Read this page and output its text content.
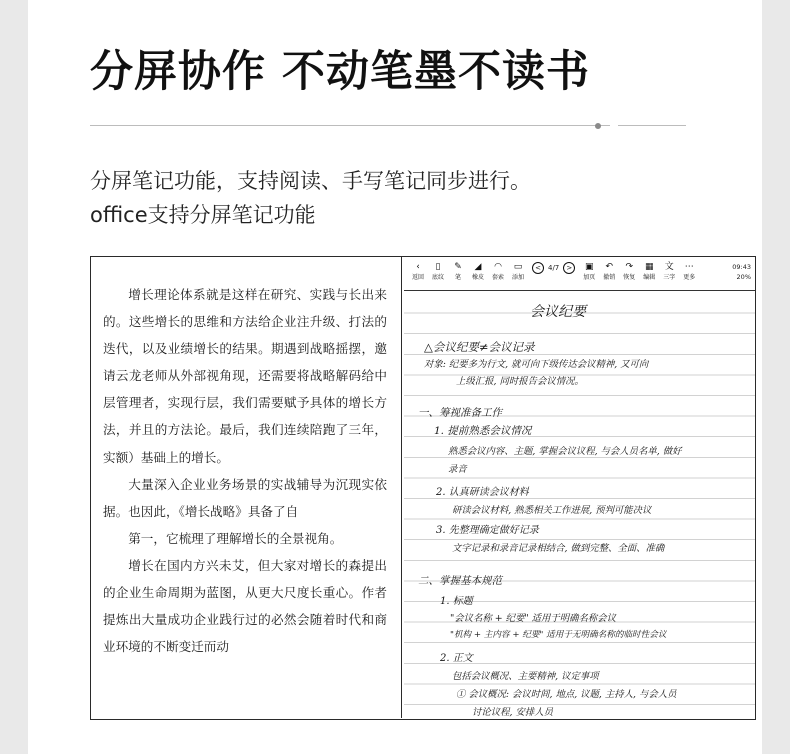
分屏协作 不动笔墨不读书
分屏笔记功能，支持阅读、手写笔记同步进行。
office支持分屏笔记功能

增长理论体系就是这样在研究、实践与长出来的。这些增长的思维和方法给企业注升级、打法的迭代，以及业绩增长的结果。期遇到战略摇摆，邀请云龙老师从外部视角现，还需要将战略解码给中层管理者，实现行层，我们需要赋予具体的增长方法，并且的方法论。最后，我们连续陪跑了三年，实额）基础上的增长。

大量深入企业业务场景的实战辅导为沉现实依据。也因此，《增长战略》具备了自

第一，它梳理了理解增长的全景视角。

增长在国内方兴未艾，但大家对增长的森提出的企业生命周期为蓝图，从更大尺度长重心。作者提炼出大量成功企业践行过的必然会随着时代和商业环境的不断变迁而动

‹
返回
▯
底纹
✎
笔
◢
橡皮
◠
套索
▭
添加
<	4/7	>	▣
加页
↶
撤销
↷
恢复
▦
编辑
文
三字
⋯
更多
09:43
20%
会议纪要
△会议纪要≠会议记录
对象: 纪要多为行文, 就可向下级传达会议精神, 又可向
上级汇报, 同时报告会议情况。
一、筹视准备工作
1. 提前熟悉会议情况
熟悉会议内容、主题, 掌握会议议程, 与会人员名单, 做好
录音
2. 认真研读会议材料
研读会议材料, 熟悉相关工作进展, 预判可能决议
3. 先整理确定做好记录
文字记录和录音记录相结合, 做到完整、全面、准确
二、掌握基本规范
1. 标题
"会议名称 + 纪要" 适用于明确名称会议
"机构 + 主内容 + 纪要" 适用于无明确名称的临时性会议
2. 正文
包括会议概况、主要精神, 议定事项
① 会议概况: 会议时间, 地点, 议题, 主持人, 与会人员
讨论议程, 安排人员
